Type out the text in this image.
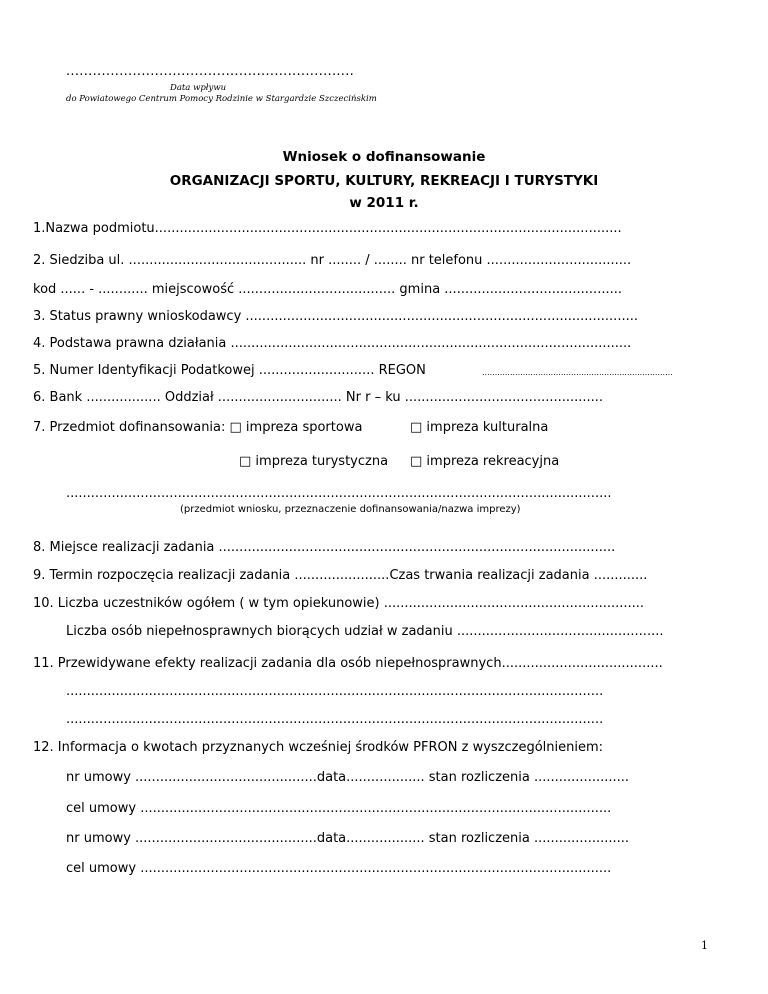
.................................................................
Data wpływu
do Powiatowego Centrum Pomocy Rodzinie w Stargardzie Szczecińskim
Wniosek o dofinansowanie
ORGANIZACJI SPORTU, KULTURY, REKREACJI I TURYSTYKI
w 2011 r.
1.Nazwa podmiotu.................................................................................................................
2. Siedziba ul. ........................................... nr ........ / ........ nr telefonu ...................................
kod ...... - ............ miejscowość ...................................... gmina ...........................................
3. Status prawny wnioskodawcy ...............................................................................................
4. Podstawa prawna działania .................................................................................................
5. Numer Identyfikacji Podatkowej ............................ REGON	...........................................................................
6. Bank .................. Oddział .............................. Nr r – ku ................................................
7. Przedmiot dofinansowania: □ impreza sportowa	□ impreza kulturalna
□ impreza turystyczna □ impreza rekreacyjna
....................................................................................................................................
(przedmiot wniosku, przeznaczenie dofinansowania/nazwa imprezy)
8. Miejsce realizacji zadania ................................................................................................
9. Termin rozpoczęcia realizacji zadania .......................Czas trwania realizacji zadania .............
10. Liczba uczestników ogółem ( w tym opiekunowie) ...............................................................
Liczba osób niepełnosprawnych biorących udział w zadaniu ..................................................
11. Przewidywane efekty realizacji zadania dla osób niepełnosprawnych.......................................
..................................................................................................................................
..................................................................................................................................
12. Informacja o kwotach przyznanych wcześniej środków PFRON z wyszczególnieniem:
nr umowy ............................................data................... stan rozliczenia .......................
cel umowy ..................................................................................................................
nr umowy ............................................data................... stan rozliczenia .......................
cel umowy ..................................................................................................................
1
